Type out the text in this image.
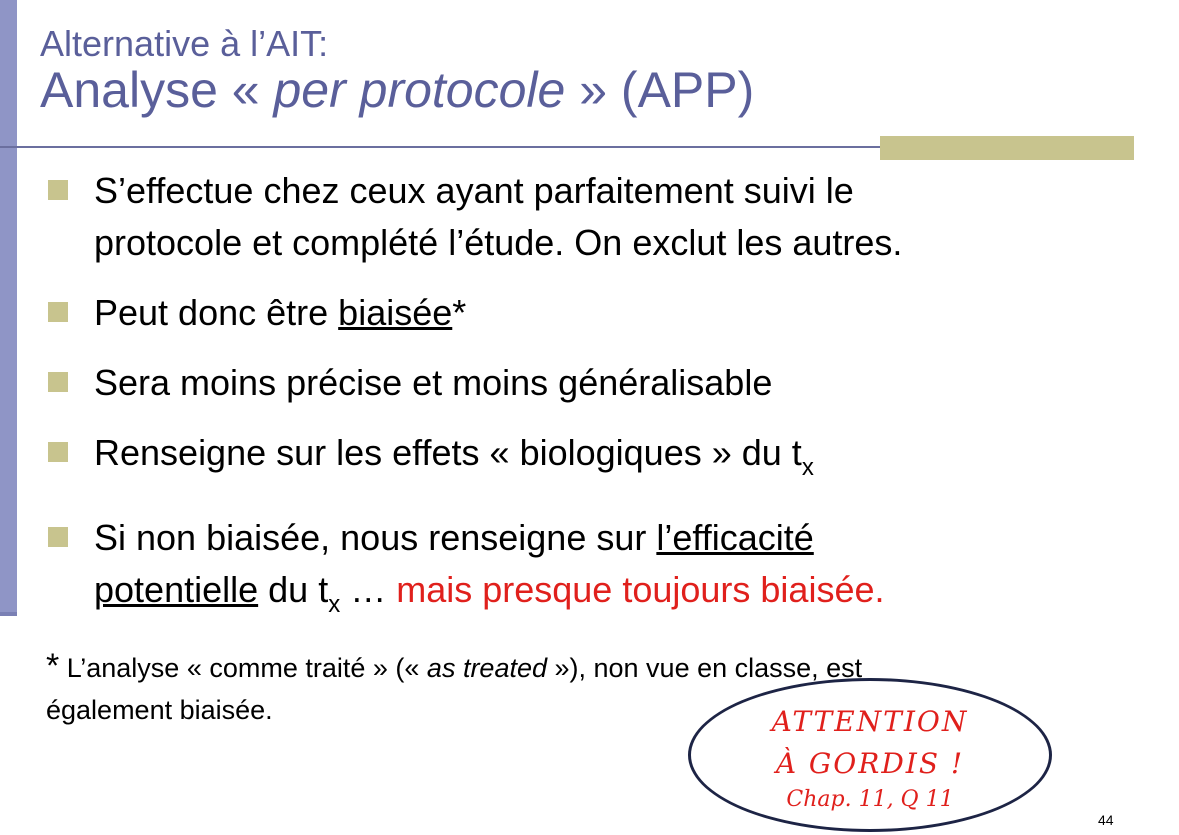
Alternative à l’AIT:
Analyse « per protocole » (APP)
S’effectue chez ceux ayant parfaitement suivi le
protocole et complété l’étude. On exclut les autres.
Peut donc être biaisée*
Sera moins précise et moins généralisable
Renseigne sur les effets « biologiques » du $t_x$
Si non biaisée, nous renseigne sur l’efficacité
potentielle du $t_x$ … mais presque toujours biaisée.
* L’analyse « comme traité » (« as treated »), non vue en classe, est
également biaisée.	ATTENTION
À GORDIS !
Chap. 11, Q 11
44
